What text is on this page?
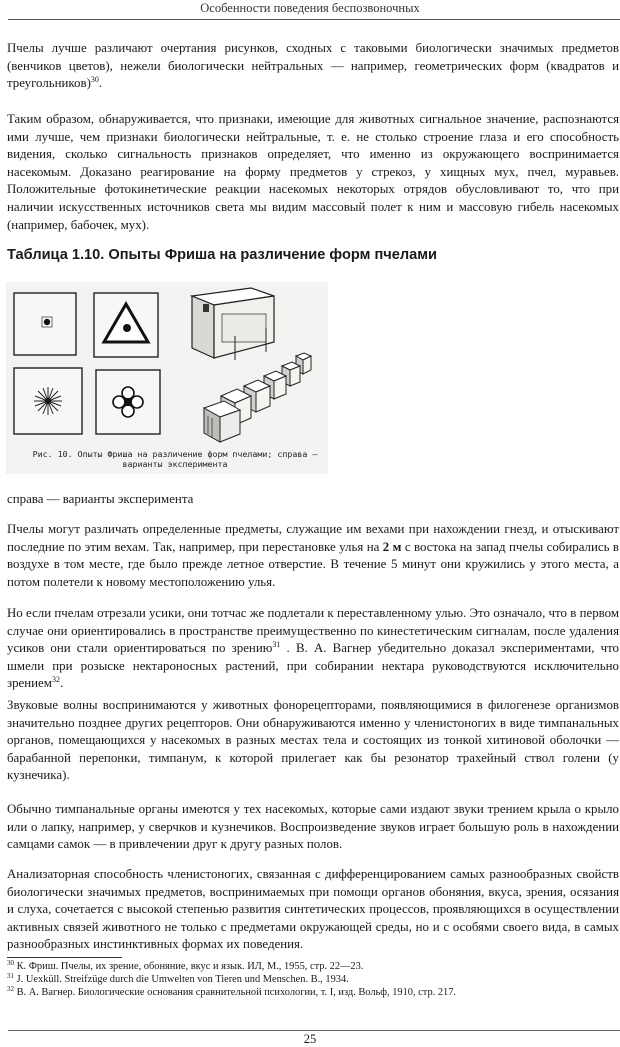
Особенности поведения беспозвоночных

Пчелы лучше различают очертания рисунков, сходных с таковыми биологически значимых предметов (венчиков цветов), нежели биологически нейтральных — например, геометрических форм (квадратов и треугольников)$^{30}$.

Таким образом, обнаруживается, что признаки, имеющие для животных сигнальное значение, распознаются ими лучше, чем признаки биологически нейтральные, т. е. не столько строение глаза и его способность видения, сколько сигнальность признаков определяет, что именно из окружающего воспринимается насекомым. Доказано реагирование на форму предметов у стрекоз, у хищных мух, пчел, муравьев. Положительные фотокинетические реакции насекомых некоторых отрядов обусловливают то, что при наличии искусственных источников света мы видим массовый полет к ним и массовую гибель насекомых (например, бабочек, мух).

Таблица 1.10. Опыты Фриша на различение форм пчелами
Рис. 10. Опыты Фриша на различение форм пчелами; справа —
варианты эксперимента

справа — варианты эксперимента

Пчелы могут различать определенные предметы, служащие им вехами при нахождении гнезд, и отыскивают последние по этим вехам. Так, например, при перестановке улья на 2 м с востока на запад пчелы собирались в воздухе в том месте, где было прежде летное отверстие. В течение 5 минут они кружились у этого места, а потом полетели к новому местоположению улья.

Но если пчелам отрезали усики, они тотчас же подлетали к переставленному улью. Это означало, что в первом случае они ориентировались в пространстве преимущественно по кинестетическим сигналам, после удаления усиков они стали ориентироваться по зрению$^{31}$ . В. А. Вагнер убедительно доказал экспериментами, что шмели при розыске нектароносных растений, при собирании нектара руководствуются исключительно зрением$^{32}$.

Звуковые волны воспринимаются у животных фонорецепторами, появляющимися в филогенезе организмов значительно позднее других рецепторов. Они обнаруживаются именно у членистоногих в виде тимпанальных органов, помещающихся у насекомых в разных местах тела и состоящих из тонкой хитиновой оболочки — барабанной перепонки, тимпанум, к которой прилегает как бы резонатор трахейный ствол голени (у кузнечика).

Обычно тимпанальные органы имеются у тех насекомых, которые сами издают звуки трением крыла о крыло или о лапку, например, у сверчков и кузнечиков. Воспроизведение звуков играет большую роль в нахождении самцами самок — в привлечении друг к другу разных полов.

Анализаторная способность членистоногих, связанная с дифференцированием самых разнообразных свойств биологически значимых предметов, воспринимаемых при помощи органов обоняния, вкуса, зрения, осязания и слуха, сочетается с высокой степенью развития синтетических процессов, проявляющихся в осуществлении активных связей животного не только с предметами окружающей среды, но и с особями своего вида, в самых разнообразных инстинктивных формах их поведения.

$^{30}$ К. Фриш. Пчелы, их зрение, обоняние, вкус и язык. ИЛ, М., 1955, стр. 22—23.

$^{31}$ J. Uexküll. Streifzüge durch die Umwelten von Tieren und Menschen. В., 1934.

$^{32}$ В. А. Вагнер. Биологические основания сравнительной психологии, т. I, изд. Вольф, 1910, стр. 217.

25
